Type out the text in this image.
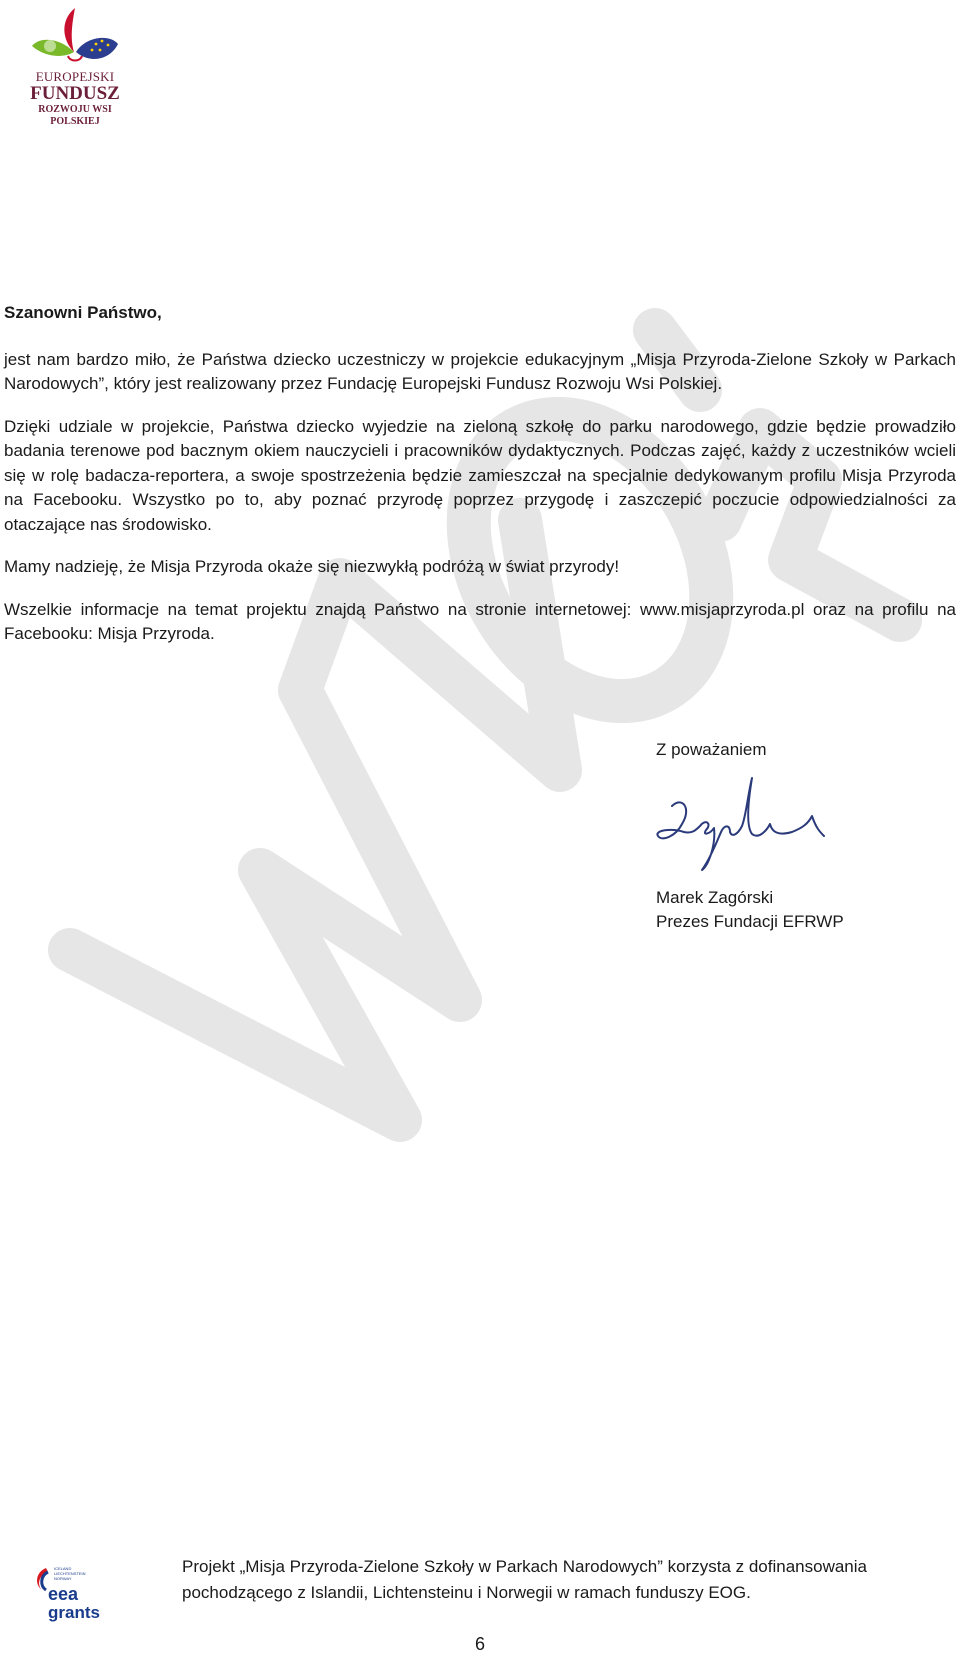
EUROPEJSKI
FUNDUSZ
ROZWOJU WSI POLSKIEJ

Szanowni Państwo,

jest nam bardzo miło, że Państwa dziecko uczestniczy w projekcie edukacyjnym „Misja Przyroda-Zielone Szkoły w Parkach Narodowych”, który jest realizowany przez Fundację Europejski Fundusz Rozwoju Wsi Polskiej.

Dzięki udziale w projekcie, Państwa dziecko wyjedzie na zieloną szkołę do parku narodowego, gdzie będzie prowadziło badania terenowe pod bacznym okiem nauczycieli i pracowników dydaktycznych. Podczas zajęć, każdy z uczestników wcieli się w rolę badacza-reportera, a swoje spostrzeżenia będzie zamieszczał na specjalnie dedykowanym profilu Misja Przyroda na Facebooku. Wszystko po to, aby poznać przyrodę poprzez przygodę i zaszczepić poczucie odpowiedzialności za otaczające nas środowisko.

Mamy nadzieję, że Misja Przyroda okaże się niezwykłą podróżą w świat przyrody!

Wszelkie informacje na temat projektu znajdą Państwo na stronie internetowej: www.misjaprzyroda.pl oraz na profilu na Facebooku: Misja Przyroda.

Z poważaniem
Marek Zagórski
Prezes Fundacji EFRWP
ICELAND
LIECHTENSTEIN
NORWAY
eea
grants
Projekt „Misja Przyroda-Zielone Szkoły w Parkach Narodowych” korzysta z dofinansowania
pochodzącego z Islandii, Lichtensteinu i Norwegii w ramach funduszy EOG.
6
